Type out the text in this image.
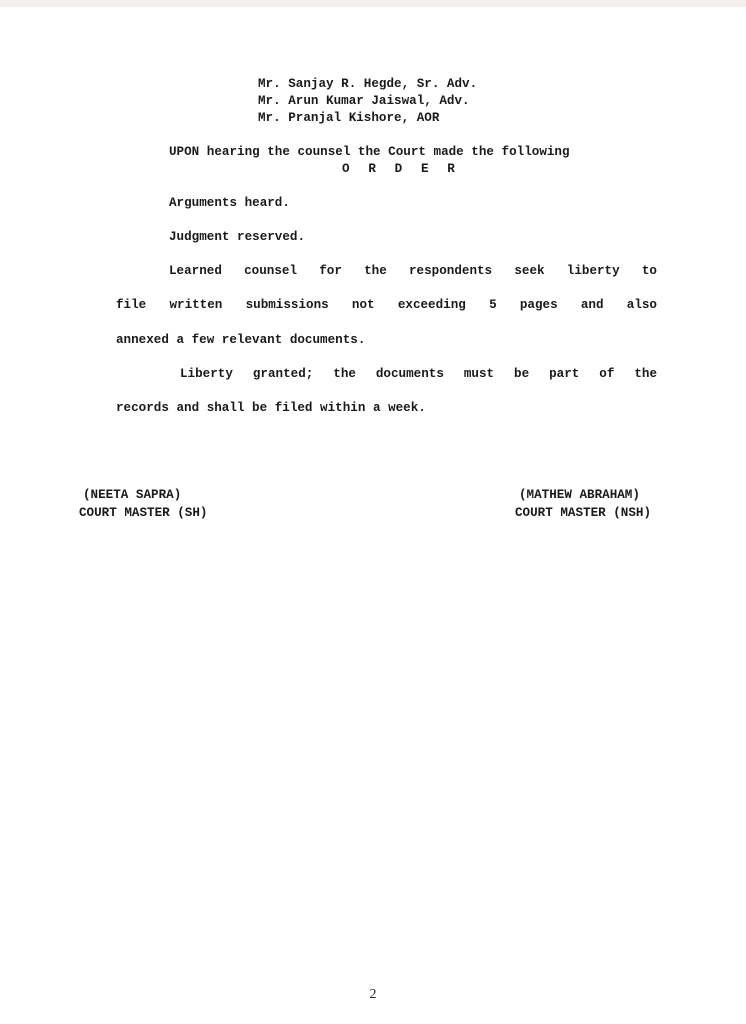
Mr. Sanjay R. Hegde, Sr. Adv.
Mr. Arun Kumar Jaiswal, Adv.
Mr. Pranjal Kishore, AOR
UPON hearing the counsel the Court made the following
O R D E R
Arguments heard.
Judgment reserved.
Learned counsel for the respondents seek liberty to
file written submissions not exceeding 5 pages and also
annexed a few relevant documents.
Liberty granted; the documents must be part of the
records and shall be filed within a week.
(NEETA SAPRA)
COURT MASTER (SH)
(MATHEW ABRAHAM)
COURT MASTER (NSH)
2
